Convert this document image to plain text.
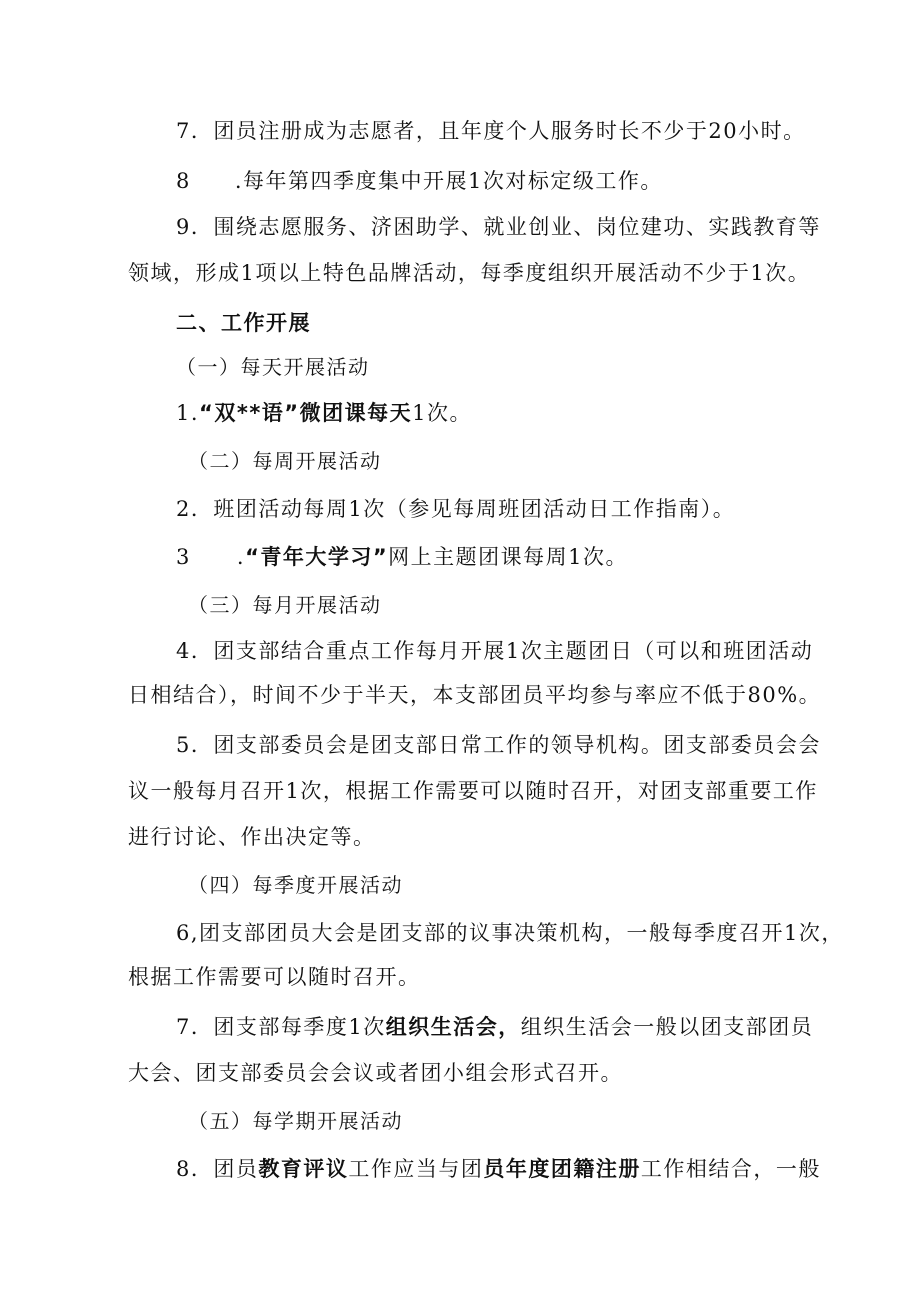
7．团员注册成为志愿者，且年度个人服务时长不少于20小时。
8 .每年第四季度集中开展1次对标定级工作。
9．围绕志愿服务、济困助学、就业创业、岗位建功、实践教育等
领域，形成1项以上特色品牌活动，每季度组织开展活动不少于1次。
二、工作开展
（一）每天开展活动
1.“双**语”微团课每天1次。
（二）每周开展活动
2．班团活动每周1次（参见每周班团活动日工作指南）。
3 .“青年大学习”网上主题团课每周1次。
（三）每月开展活动
4．团支部结合重点工作每月开展1次主题团日（可以和班团活动
日相结合），时间不少于半天，本支部团员平均参与率应不低于80%。
5．团支部委员会是团支部日常工作的领导机构。团支部委员会会
议一般每月召开1次，根据工作需要可以随时召开，对团支部重要工作
进行讨论、作出决定等。
（四）每季度开展活动
6,团支部团员大会是团支部的议事决策机构，一般每季度召开1次，
根据工作需要可以随时召开。
7．团支部每季度1次组织生活会，组织生活会一般以团支部团员
大会、团支部委员会会议或者团小组会形式召开。
（五）每学期开展活动
8．团员教育评议工作应当与团员年度团籍注册工作相结合，一般
